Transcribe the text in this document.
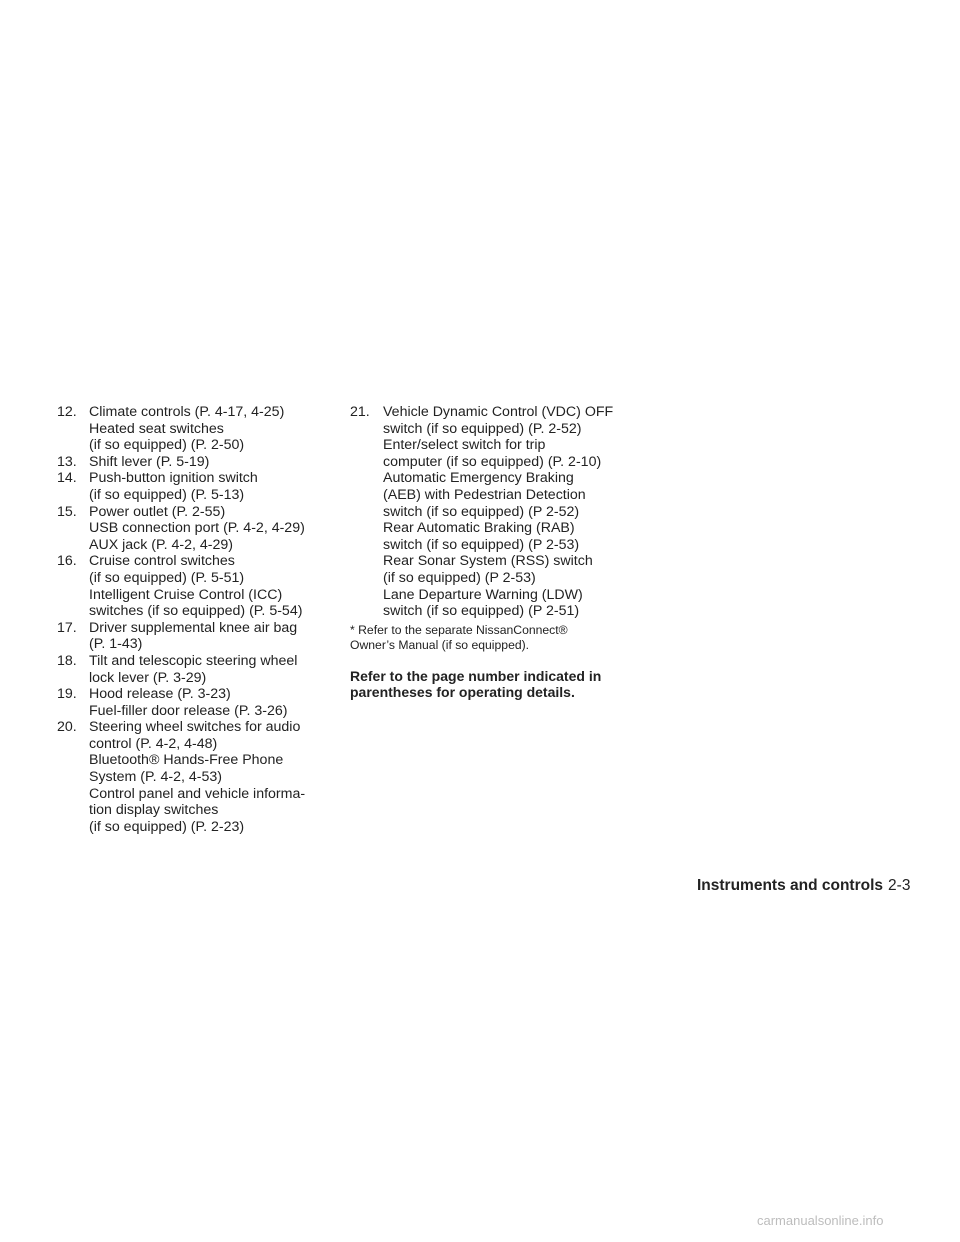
12. Climate controls (P. 4-17, 4-25)
Heated seat switches
(if so equipped) (P. 2-50)
13. Shift lever (P. 5-19)
14. Push-button ignition switch
(if so equipped) (P. 5-13)
15. Power outlet (P. 2-55)
USB connection port (P. 4-2, 4-29)
AUX jack (P. 4-2, 4-29)
16. Cruise control switches
(if so equipped) (P. 5-51)
Intelligent Cruise Control (ICC)
switches (if so equipped) (P. 5-54)
17. Driver supplemental knee air bag
(P. 1-43)
18. Tilt and telescopic steering wheel
lock lever (P. 3-29)
19. Hood release (P. 3-23)
Fuel-filler door release (P. 3-26)
20. Steering wheel switches for audio
control (P. 4-2, 4-48)
Bluetooth® Hands-Free Phone
System (P. 4-2, 4-53)
Control panel and vehicle informa-
tion display switches
(if so equipped) (P. 2-23)
21. Vehicle Dynamic Control (VDC) OFF
switch (if so equipped) (P. 2-52)
Enter/select switch for trip
computer (if so equipped) (P. 2-10)
Automatic Emergency Braking
(AEB) with Pedestrian Detection
switch (if so equipped) (P 2-52)
Rear Automatic Braking (RAB)
switch (if so equipped) (P 2-53)
Rear Sonar System (RSS) switch
(if so equipped) (P 2-53)
Lane Departure Warning (LDW)
switch (if so equipped) (P 2-51)
* Refer to the separate NissanConnect®
Owner’s Manual (if so equipped).
Refer to the page number indicated in
parentheses for operating details.
Instruments and controls 2-3
carmanualsonline.info
